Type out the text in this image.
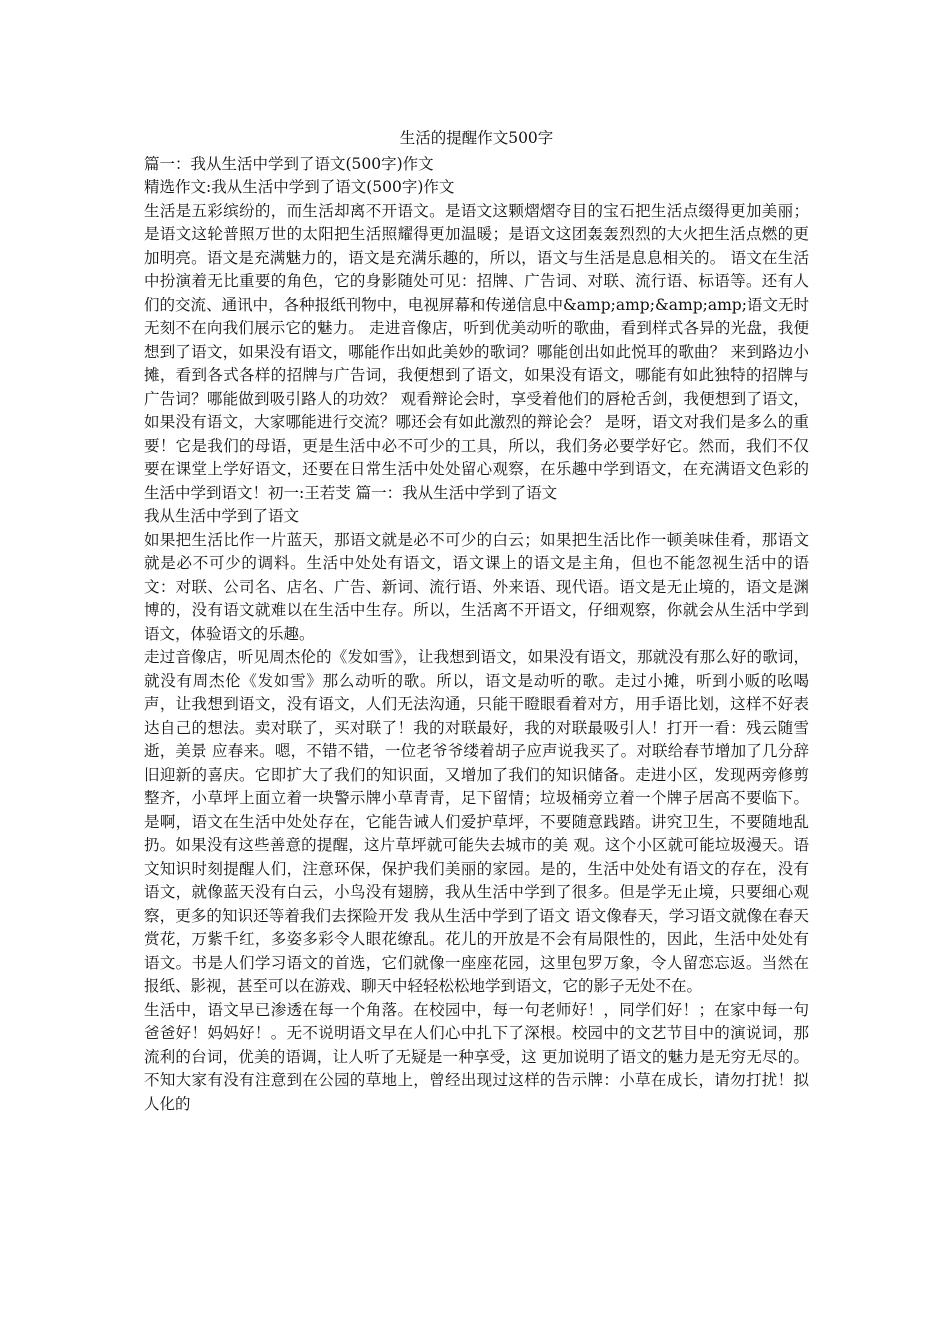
生活的提醒作文500字

篇一：我从生活中学到了语文(500字)作文

精选作文:我从生活中学到了语文(500字)作文

生活是五彩缤纷的，而生活却离不开语文。是语文这颗熠熠夺目的宝石把生活点缀得更加美丽；是语文这轮普照万世的太阳把生活照耀得更加温暖；是语文这团轰轰烈烈的大火把生活点燃的更加明亮。语文是充满魅力的，语文是充满乐趣的，所以，语文与生活是息息相关的。 语文在生活中扮演着无比重要的角色，它的身影随处可见：招牌、广告词、对联、流行语、标语等。还有人们的交流、通讯中，各种报纸刊物中，电视屏幕和传递信息中&amp;amp;&amp;amp;语文无时无刻不在向我们展示它的魅力。 走进音像店，听到优美动听的歌曲，看到样式各异的光盘，我便想到了语文，如果没有语文，哪能作出如此美妙的歌词？哪能创出如此悦耳的歌曲？ 来到路边小摊，看到各式各样的招牌与广告词，我便想到了语文，如果没有语文，哪能有如此独特的招牌与广告词？哪能做到吸引路人的功效？ 观看辩论会时，享受着他们的唇枪舌剑，我便想到了语文，如果没有语文，大家哪能进行交流？哪还会有如此激烈的辩论会？ 是呀，语文对我们是多么的重要！它是我们的母语，更是生活中必不可少的工具，所以，我们务必要学好它。然而，我们不仅要在课堂上学好语文，还要在日常生活中处处留心观察，在乐趣中学到语文，在充满语文色彩的生活中学到语文！初一:王若芠 篇一：我从生活中学到了语文

我从生活中学到了语文

如果把生活比作一片蓝天，那语文就是必不可少的白云；如果把生活比作一顿美味佳肴，那语文就是必不可少的调料。生活中处处有语文，语文课上的语文是主角，但也不能忽视生活中的语文：对联、公司名、店名、广告、新词、流行语、外来语、现代语。语文是无止境的，语文是渊博的，没有语文就难以在生活中生存。所以，生活离不开语文，仔细观察，你就会从生活中学到语文，体验语文的乐趣。

走过音像店，听见周杰伦的《发如雪》，让我想到语文，如果没有语文，那就没有那么好的歌词，就没有周杰伦《发如雪》那么动听的歌。所以，语文是动听的歌。走过小摊，听到小贩的吆喝声，让我想到语文，没有语文，人们无法沟通，只能干瞪眼看着对方，用手语比划，这样不好表达自己的想法。卖对联了，买对联了！我的对联最好，我的对联最吸引人！打开一看：残云随雪逝，美景 应春来。嗯，不错不错，一位老爷爷缕着胡子应声说我买了。对联给春节增加了几分辞旧迎新的喜庆。它即扩大了我们的知识面，又增加了我们的知识储备。走进小区，发现两旁修剪整齐，小草坪上面立着一块警示牌小草青青，足下留情；垃圾桶旁立着一个牌子居高不要临下。是啊，语文在生活中处处存在，它能告诫人们爱护草坪，不要随意践踏。讲究卫生，不要随地乱扔。如果没有这些善意的提醒，这片草坪就可能失去城市的美 观。这个小区就可能垃圾漫天。语文知识时刻提醒人们，注意环保，保护我们美丽的家园。是的，生活中处处有语文的存在，没有语文，就像蓝天没有白云，小鸟没有翅膀，我从生活中学到了很多。但是学无止境，只要细心观察，更多的知识还等着我们去探险开发 我从生活中学到了语文 语文像春天，学习语文就像在春天赏花，万紫千红，多姿多彩令人眼花缭乱。花儿的开放是不会有局限性的，因此，生活中处处有语文。书是人们学习语文的首选，它们就像一座座花园，这里包罗万象，令人留恋忘返。当然在报纸、影视，甚至可以在游戏、聊天中轻轻松松地学到语文，它的影子无处不在。

生活中，语文早已渗透在每一个角落。在校园中，每一句老师好！，同学们好！；在家中每一句爸爸好！妈妈好！。无不说明语文早在人们心中扎下了深根。校园中的文艺节目中的演说词，那流利的台词，优美的语调，让人听了无疑是一种享受，这 更加说明了语文的魅力是无穷无尽的。不知大家有没有注意到在公园的草地上，曾经出现过这样的告示牌：小草在成长，请勿打扰！拟人化的
